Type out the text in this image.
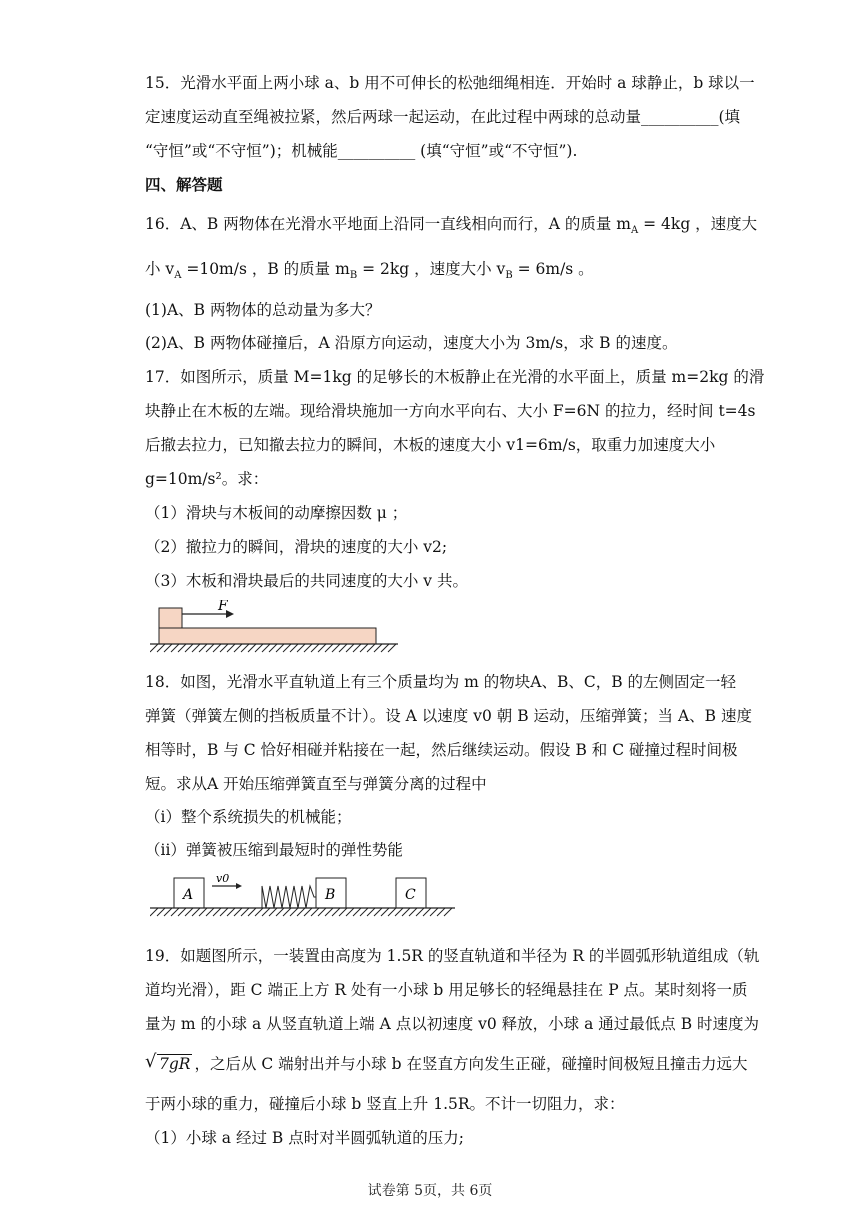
15．光滑水平面上两小球 a、b 用不可伸长的松弛细绳相连．开始时 a 球静止，b 球以一
定速度运动直至绳被拉紧，然后两球一起运动，在此过程中两球的总动量__________(填
“守恒”或“不守恒”)；机械能__________ (填“守恒”或“不守恒”).
四、解答题
16．A、B 两物体在光滑水平地面上沿同一直线相向而行，A 的质量 $m_A = 4kg$ ，速度大
小 $v_A =10m/s$ ，B 的质量 $m_B = 2kg$ ，速度大小 $v_B = 6m/s$ 。
(1)A、B 两物体的总动量为多大？
(2)A、B 两物体碰撞后，A 沿原方向运动，速度大小为 3m/s，求 B 的速度。
17．如图所示，质量 M=1kg 的足够长的木板静止在光滑的水平面上，质量 m=2kg 的滑
块静止在木板的左端。现给滑块施加一方向水平向右、大小 F=6N 的拉力，经时间 t=4s
后撤去拉力，已知撤去拉力的瞬间，木板的速度大小 v1=6m/s，取重力加速度大小
g=10m/s²。求：
（1）滑块与木板间的动摩擦因数 μ ；
（2）撤拉力的瞬间，滑块的速度的大小 v2;
（3）木板和滑块最后的共同速度的大小 v 共。
F
18．如图，光滑水平直轨道上有三个质量均为 m 的物块A、B、C，B 的左侧固定一轻
弹簧（弹簧左侧的挡板质量不计）。设 A 以速度 v0 朝 B 运动，压缩弹簧；当 A、B 速度
相等时，B 与 C 恰好相碰并粘接在一起，然后继续运动。假设 B 和 C 碰撞过程时间极
短。求从A 开始压缩弹簧直至与弹簧分离的过程中
（i）整个系统损失的机械能；
（ii）弹簧被压缩到最短时的弹性势能
A
v0
B	C
19．如题图所示，一装置由高度为 1.5R 的竖直轨道和半径为 R 的半圆弧形轨道组成（轨
道均光滑），距 C 端正上方 R 处有一小球 b 用足够长的轻绳悬挂在 P 点。某时刻将一质
量为 m 的小球 a 从竖直轨道上端 A 点以初速度 v0 释放，小球 a 通过最低点 B 时速度为
√ 7gR ，之后从 C 端射出并与小球 b 在竖直方向发生正碰，碰撞时间极短且撞击力远大
于两小球的重力，碰撞后小球 b 竖直上升 1.5R。不计一切阻力，求：
（1）小球 a 经过 B 点时对半圆弧轨道的压力;
试卷第 5页，共 6页
